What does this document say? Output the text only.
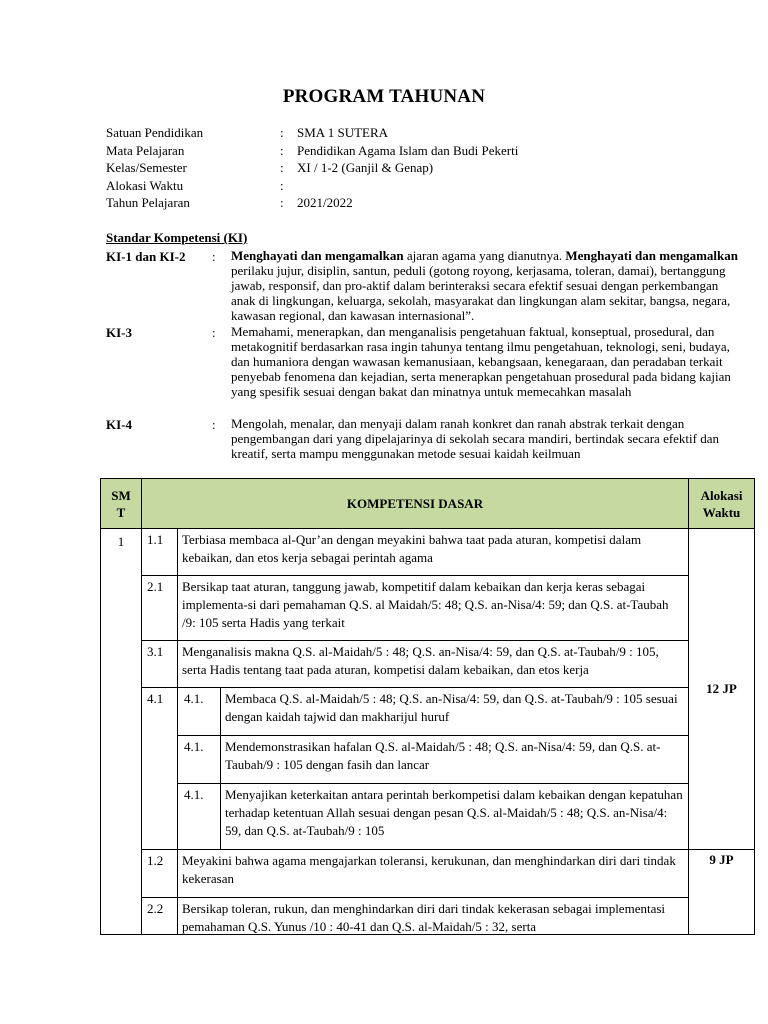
PROGRAM TAHUNAN
Satuan Pendidikan	: SMA 1 SUTERA
Mata Pelajaran	: Pendidikan Agama Islam dan Budi Pekerti
Kelas/Semester	: XI / 1-2 (Ganjil & Genap)
Alokasi Waktu	:
Tahun Pelajaran	: 2021/2022
Standar Kompetensi (KI)
KI-1 dan KI-2 : Menghayati dan mengamalkan ajaran agama yang dianutnya. Menghayati dan mengamalkan perilaku jujur, disiplin, santun, peduli (gotong royong, kerjasama, toleran, damai), bertanggung jawab, responsif, dan pro-aktif dalam berinteraksi secara efektif sesuai dengan perkembangan anak di lingkungan, keluarga, sekolah, masyarakat dan lingkungan alam sekitar, bangsa, negara, kawasan regional, dan kawasan internasional”.
KI-3	: Memahami, menerapkan, dan menganalisis pengetahuan faktual, konseptual, prosedural, dan metakognitif berdasarkan rasa ingin tahunya tentang ilmu pengetahuan, teknologi, seni, budaya, dan humaniora dengan wawasan kemanusiaan, kebangsaan, kenegaraan, dan peradaban terkait penyebab fenomena dan kejadian, serta menerapkan pengetahuan prosedural pada bidang kajian yang spesifik sesuai dengan bakat dan minatnya untuk memecahkan masalah
KI-4	: Mengolah, menalar, dan menyaji dalam ranah konkret dan ranah abstrak terkait dengan pengembangan dari yang dipelajarinya di sekolah secara mandiri, bertindak secara efektif dan kreatif, serta mampu menggunakan metode sesuai kaidah keilmuan
SM T	KOMPETENSI DASAR			Alokasi Waktu

1	1.1	Terbiasa membaca al-Qur’an dengan meyakini bahwa taat pada aturan, kompetisi dalam kebaikan, dan etos kerja sebagai perintah agama		12 JP
	2.1	Bersikap taat aturan, tanggung jawab, kompetitif dalam kebaikan dan kerja keras sebagai implementa-si dari pemahaman Q.S. al Maidah/5: 48; Q.S. an-Nisa/4: 59; dan Q.S. at-Taubah /9: 105 serta Hadis yang terkait		
	3.1	Menganalisis makna Q.S. al-Maidah/5 : 48; Q.S. an-Nisa/4: 59, dan Q.S. at-Taubah/9 : 105, serta Hadis tentang taat pada aturan, kompetisi dalam kebaikan, dan etos kerja		
	4.1	4.1.	Membaca Q.S. al-Maidah/5 : 48; Q.S. an-Nisa/4: 59, dan Q.S. at-Taubah/9 : 105 sesuai dengan kaidah tajwid dan makharijul huruf	
		4.1.	Mendemonstrasikan hafalan Q.S. al-Maidah/5 : 48; Q.S. an-Nisa/4: 59, dan Q.S. at-Taubah/9 : 105 dengan fasih dan lancar	
		4.1.	Menyajikan keterkaitan antara perintah berkompetisi dalam kebaikan dengan kepatuhan terhadap ketentuan Allah sesuai dengan pesan Q.S. al-Maidah/5 : 48; Q.S. an-Nisa/4: 59, dan Q.S. at-Taubah/9 : 105	
	1.2	Meyakini bahwa agama mengajarkan toleransi, kerukunan, dan menghindarkan diri dari tindak kekerasan		9 JP
	2.2	Bersikap toleran, rukun, dan menghindarkan diri dari tindak kekerasan sebagai implementasi pemahaman Q.S. Yunus /10 : 40-41 dan Q.S. al-Maidah/5 : 32, serta		
